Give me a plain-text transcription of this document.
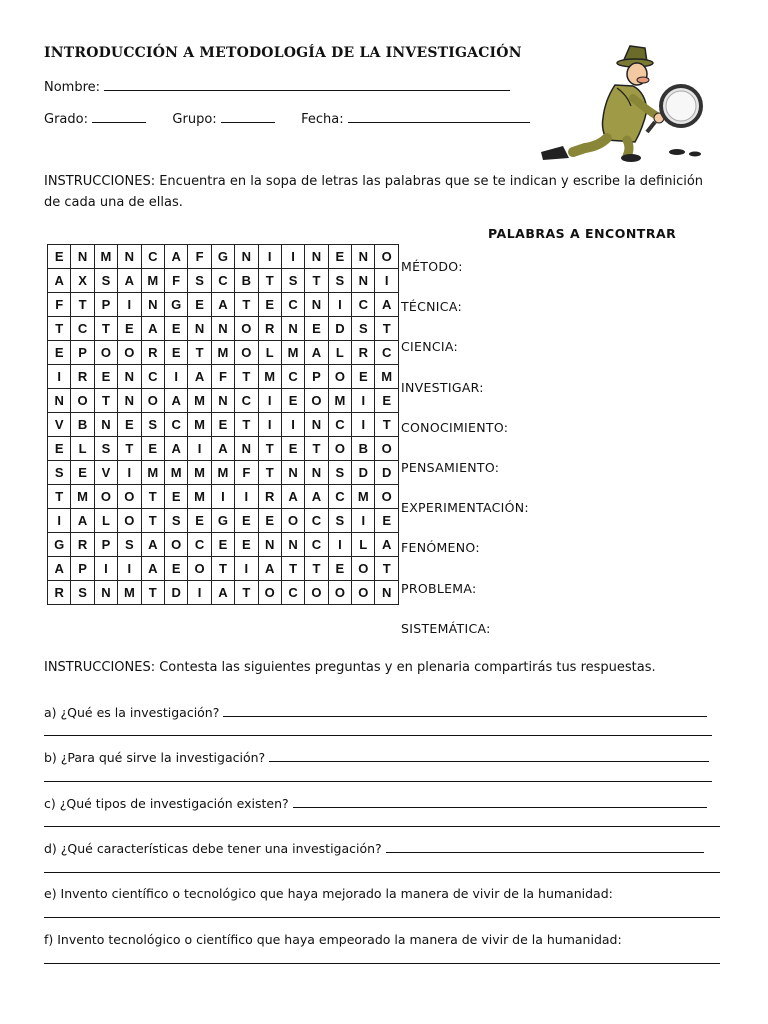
INTRODUCCIÓN A METODOLOGÍA DE LA INVESTIGACIÓN
Nombre:
Grado:	Grupo:	Fecha:
INSTRUCCIONES: Encuentra en la sopa de letras las palabras que se te indican y escribe la definición
de cada una de ellas.
E	N	M	N	C	A	F	G	N	I	I	N	E	N	O
A	X	S	A	M	F	S	C	B	T	S	T	S	N	I
F	T	P	I	N	G	E	A	T	E	C	N	I	C	A
T	C	T	E	A	E	N	N	O	R	N	E	D	S	T
E	P	O	O	R	E	T	M	O	L	M	A	L	R	C
I	R	E	N	C	I	A	F	T	M	C	P	O	E	M
N	O	T	N	O	A	M	N	C	I	E	O	M	I	E
V	B	N	E	S	C	M	E	T	I	I	N	C	I	T
E	L	S	T	E	A	I	A	N	T	E	T	O	B	O
S	E	V	I	M	M	M	M	F	T	N	N	S	D	D
T	M	O	O	T	E	M	I	I	R	A	A	C	M	O
I	A	L	O	T	S	E	G	E	E	O	C	S	I	E
G	R	P	S	A	O	C	E	E	N	N	C	I	L	A
A	P	I	I	A	E	O	T	I	A	T	T	E	O	T
R	S	N	M	T	D	I	A	T	O	C	O	O	O	N
PALABRAS A ENCONTRAR
MÉTODO:
TÉCNICA:
CIENCIA:
INVESTIGAR:
CONOCIMIENTO:
PENSAMIENTO:
EXPERIMENTACIÓN:
FENÓMENO:
PROBLEMA:
SISTEMÁTICA:
INSTRUCCIONES: Contesta las siguientes preguntas y en plenaria compartirás tus respuestas.
a) ¿Qué es la investigación?
b) ¿Para qué sirve la investigación?
c) ¿Qué tipos de investigación existen?
d) ¿Qué características debe tener una investigación?
e) Invento científico o tecnológico que haya mejorado la manera de vivir de la humanidad:
f) Invento tecnológico o científico que haya empeorado la manera de vivir de la humanidad:
